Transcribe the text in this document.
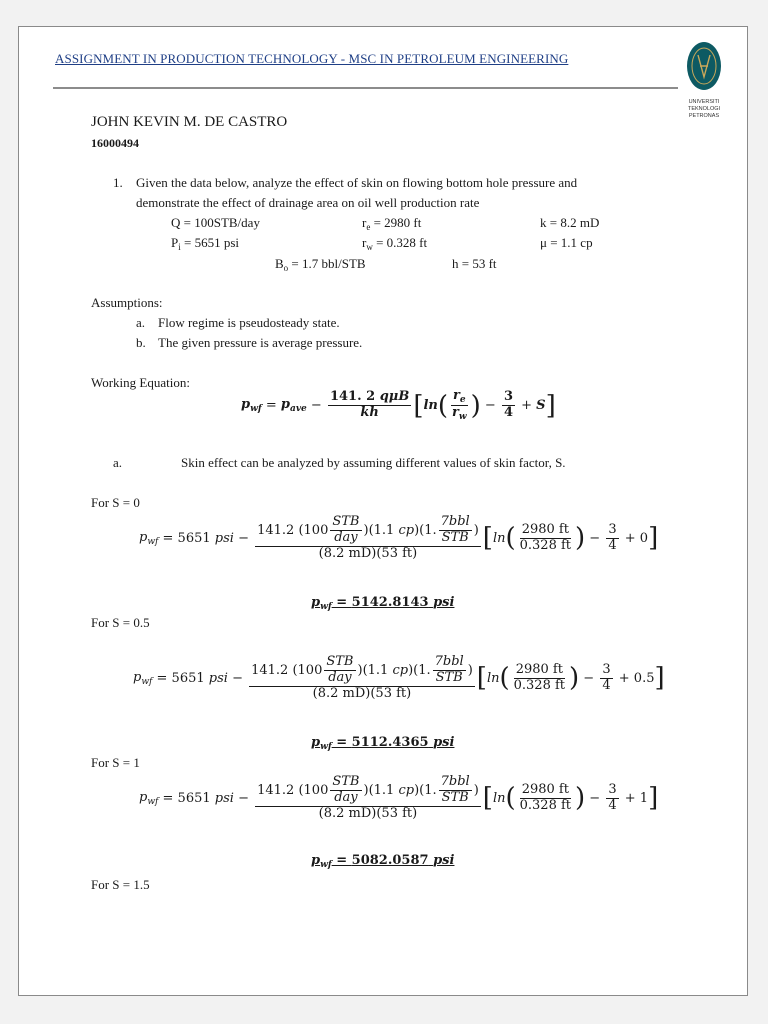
ASSIGNMENT IN PRODUCTION TECHNOLOGY - MSC IN PETROLEUM ENGINEERING
UNIVERSITI
TEKNOLOGI
PETRONAS
JOHN KEVIN M. DE CASTRO
16000494
1. Given the data below, analyze the effect of skin on flowing bottom hole pressure and
demonstrate the effect of drainage area on oil well production rate
Q = 100STB/day	$r_e = 2980$ ft	k = 8.2 mD
$P_i = 5651$ psi	$r_w = 0.328$ ft	μ = 1.1 cp
$B_o = 1.7$ bbl/STB	h = 53 ft
Assumptions:
a. Flow regime is pseudosteady state.
b. The given pressure is average pressure.
Working Equation:
$p_{wf} = p_{ave} - \frac{\text{141. 2 qμB}}{kh}$ [ ln ( $\frac{r_e}{r_w}$ ) − $\frac{3}{4} + S$ ]
a.	Skin effect can be analyzed by assuming different values of skin factor, S.
For S = 0
$p_{wf} = 5651$
psi − $\frac{141.2 (100 \frac{\text{STB}}{\text{day}} )(1.1 cp)(1. \frac{\text{7bbl}}{\text{STB}} )}{(8.2 mD)(53 ft)}$ [ ln ( $\frac{2980 ft}{0.328 ft}$ ) − $\frac{3}{4} + 0$ ]
$p_{wf} = 5142.8143$ psi
For S = 0.5
$p_{wf} = 5651$
psi − $\frac{141.2 (100 \frac{\text{STB}}{\text{day}} )(1.1 cp)(1. \frac{\text{7bbl}}{\text{STB}} )}{(8.2 mD)(53 ft)}$ [ ln ( $\frac{2980 ft}{0.328 ft}$ ) − $\frac{3}{4} + 0.5$ ]
$p_{wf} = 5112.4365$ psi
For S = 1
$p_{wf} = 5651$
psi − $\frac{141.2 (100 \frac{\text{STB}}{\text{day}} )(1.1 cp)(1. \frac{\text{7bbl}}{\text{STB}} )}{(8.2 mD)(53 ft)}$ [ ln ( $\frac{2980 ft}{0.328 ft}$ ) − $\frac{3}{4} + 1$ ]
$p_{wf} = 5082.0587$ psi
For S = 1.5
